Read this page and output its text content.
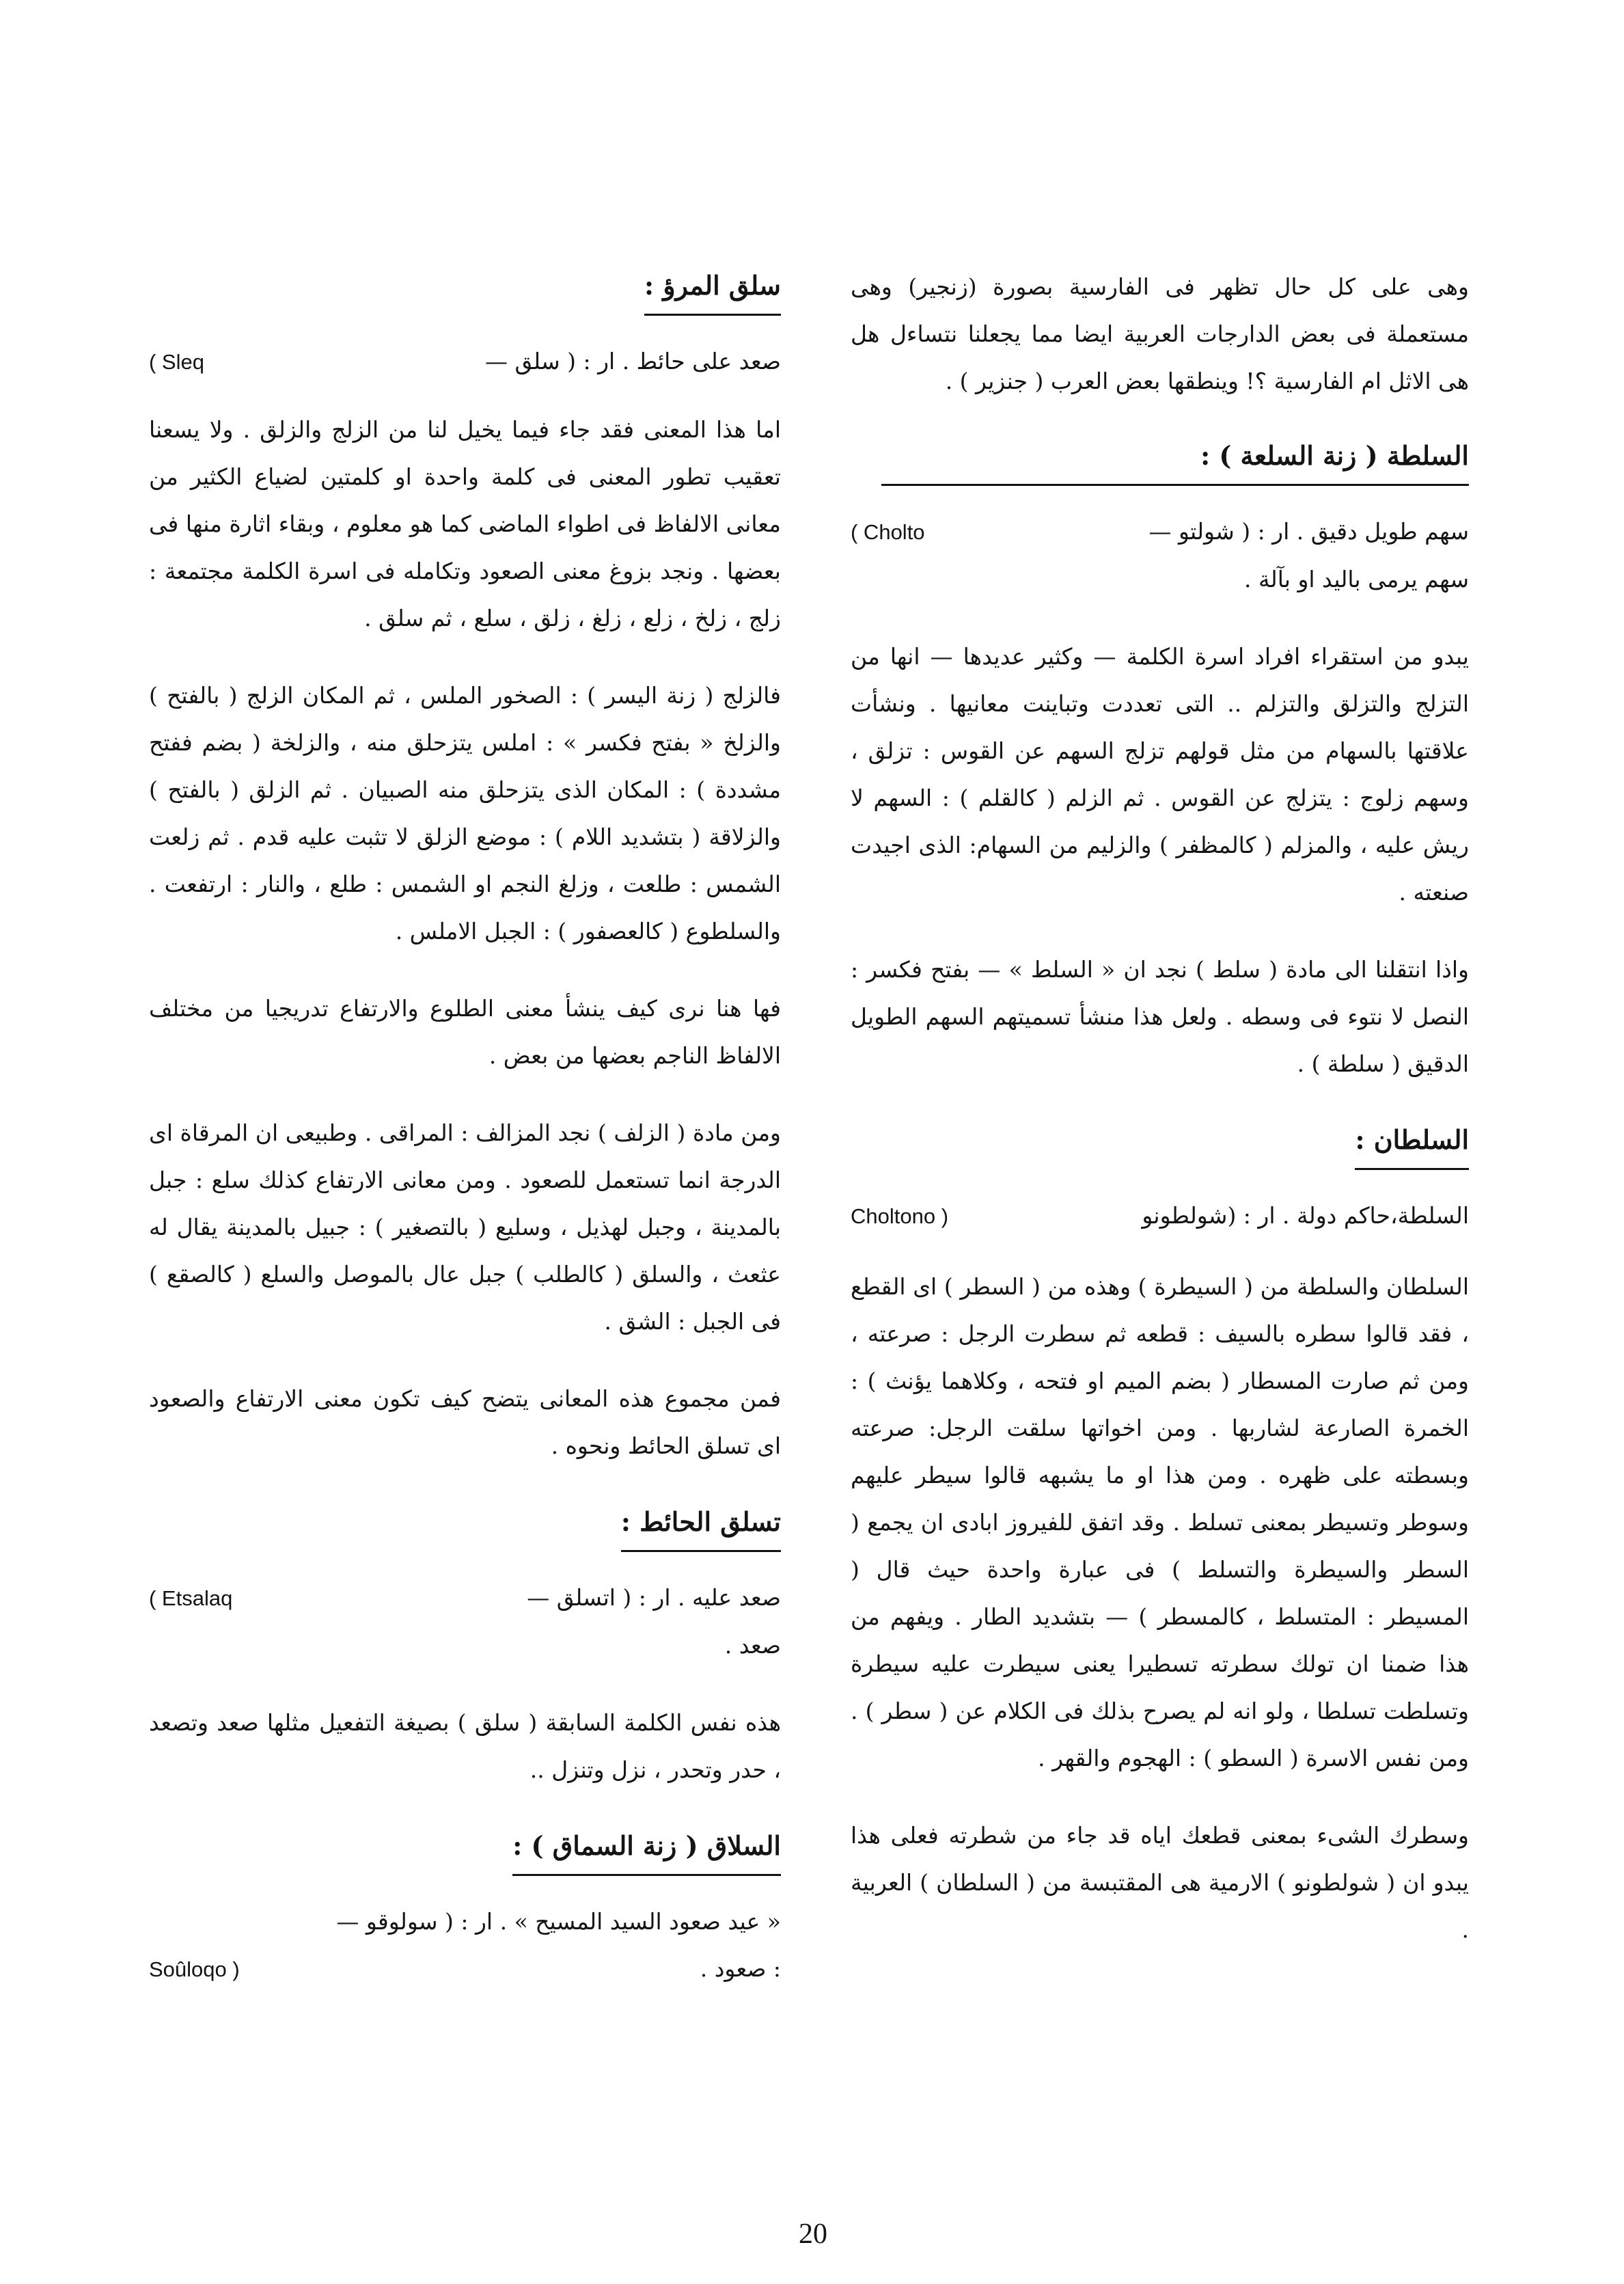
وهى على كل حال تظهر فى الفارسية بصورة (زنجير) وهى مستعملة فى بعض الدارجات العربية ايضا مما يجعلنا نتساءل هل هى الاثل ام الفارسية ؟! وينطقها بعض العرب ( جنزير ) .

السلطة ( زنة السلعة ) :
سهم طويل دقيق . ار : ( شولتو —
( Cholto

سهم يرمى باليد او بآلة .

يبدو من استقراء افراد اسرة الكلمة — وكثير عديدها — انها من التزلج والتزلق والتزلم .. التى تعددت وتباينت معانيها . ونشأت علاقتها بالسهام من مثل قولهم تزلج السهم عن القوس : تزلق ، وسهم زلوج : يتزلج عن القوس . ثم الزلم ( كالقلم ) : السهم لا ريش عليه ، والمزلم ( كالمظفر ) والزليم من السهام: الذى اجيدت صنعته .

واذا انتقلنا الى مادة ( سلط ) نجد ان « السلط » — بفتح فكسر : النصل لا نتوء فى وسطه . ولعل هذا منشأ تسميتهم السهم الطويل الدقيق ( سلطة ) .

السلطان :
السلطة،حاكم دولة . ار : (شولطونو
Choltono )

السلطان والسلطة من ( السيطرة ) وهذه من ( السطر ) اى القطع ، فقد قالوا سطره بالسيف : قطعه ثم سطرت الرجل : صرعته ، ومن ثم صارت المسطار ( بضم الميم او فتحه ، وكلاهما يؤنث ) : الخمرة الصارعة لشاربها . ومن اخواتها سلقت الرجل: صرعته وبسطته على ظهره . ومن هذا او ما يشبهه قالوا سيطر عليهم وسوطر وتسيطر بمعنى تسلط . وقد اتفق للفيروز ابادى ان يجمع ( السطر والسيطرة والتسلط ) فى عبارة واحدة حيث قال ( المسيطر : المتسلط ، كالمسطر ) — بتشديد الطار . ويفهم من هذا ضمنا ان تولك سطرته تسطيرا يعنى سيطرت عليه سيطرة وتسلطت تسلطا ، ولو انه لم يصرح بذلك فى الكلام عن ( سطر ) . ومن نفس الاسرة ( السطو ) : الهجوم والقهر .

وسطرك الشىء بمعنى قطعك اياه قد جاء من شطرته فعلى هذا يبدو ان ( شولطونو ) الارمية هى المقتبسة من ( السلطان ) العربية .

سلق المرؤ :
صعد على حائط . ار : ( سلق —
( Sleq

اما هذا المعنى فقد جاء فيما يخيل لنا من الزلج والزلق . ولا يسعنا تعقيب تطور المعنى فى كلمة واحدة او كلمتين لضياع الكثير من معانى الالفاظ فى اطواء الماضى كما هو معلوم ، وبقاء اثارة منها فى بعضها . ونجد بزوغ معنى الصعود وتكامله فى اسرة الكلمة مجتمعة : زلج ، زلخ ، زلع ، زلغ ، زلق ، سلع ، ثم سلق .

فالزلج ( زنة اليسر ) : الصخور الملس ، ثم المكان الزلج ( بالفتح ) والزلخ « بفتح فكسر » : املس يتزحلق منه ، والزلخة ( بضم ففتح مشددة ) : المكان الذى يتزحلق منه الصبيان . ثم الزلق ( بالفتح ) والزلاقة ( بتشديد اللام ) : موضع الزلق لا تثبت عليه قدم . ثم زلعت الشمس : طلعت ، وزلغ النجم او الشمس : طلع ، والنار : ارتفعت . والسلطوع ( كالعصفور ) : الجبل الاملس .

فها هنا نرى كيف ينشأ معنى الطلوع والارتفاع تدريجيا من مختلف الالفاظ الناجم بعضها من بعض .

ومن مادة ( الزلف ) نجد المزالف : المراقى . وطبيعى ان المرقاة اى الدرجة انما تستعمل للصعود . ومن معانى الارتفاع كذلك سلع : جبل بالمدينة ، وجبل لهذيل ، وسليع ( بالتصغير ) : جبيل بالمدينة يقال له عثعث ، والسلق ( كالطلب ) جبل عال بالموصل والسلع ( كالصقع ) فى الجبل : الشق .

فمن مجموع هذه المعانى يتضح كيف تكون معنى الارتفاع والصعود اى تسلق الحائط ونحوه .

تسلق الحائط :
صعد عليه . ار : ( اتسلق —
( Etsalaq

صعد .

هذه نفس الكلمة السابقة ( سلق ) بصيغة التفعيل مثلها صعد وتصعد ، حدر وتحدر ، نزل وتنزل ..

السلاق ( زنة السماق ) :
« عيد صعود السيد المسيح » . ار : ( سولوقو —
: صعود .
Soûloqo )
20
